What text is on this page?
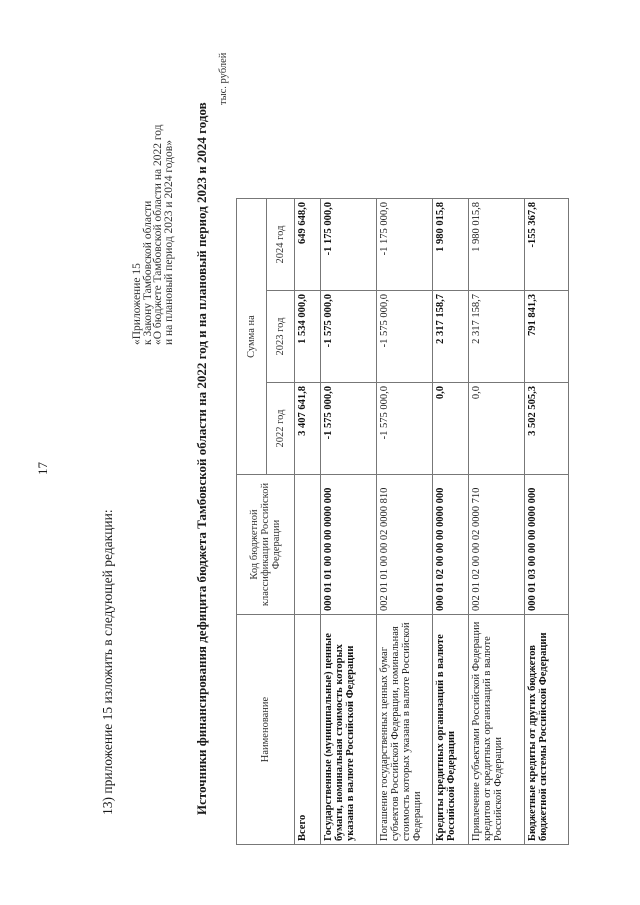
17
13) приложение 15 изложить в следующей редакции:
«Приложение 15
к Закону Тамбовской области
«О бюджете Тамбовской области на 2022 год
и на плановый период 2023 и 2024 годов» Источники финансирования дефицита бюджета Тамбовской области на 2022 год и на плановый период 2023 и 2024 годов
тыс. рублей
Наименование	Код бюджетной классификации Российской Федерации	Сумма на		
		2022 год	2023 год	2024 год
Всего		3 407 641,8	1 534 000,0	649 648,0
Государственные (муниципальные) ценные бумаги, номинальная стоимость которых указана в валюте Российской Федерации	000 01 01 00 00 00 0000 000	-1 575 000,0	-1 575 000,0	-1 175 000,0
Погашение государственных ценных бумаг субъектов Российской Федерации, номинальная стоимость которых указана в валюте Российской Федерации	002 01 01 00 00 02 0000 810	-1 575 000,0	-1 575 000,0	-1 175 000,0
Кредиты кредитных организаций в валюте Российской Федерации	000 01 02 00 00 00 0000 000	0,0	2 317 158,7	1 980 015,8
Привлечение субъектами Российской Федерации кредитов от кредитных организаций в валюте Российской Федерации	002 01 02 00 00 02 0000 710	0,0	2 317 158,7	1 980 015,8
Бюджетные кредиты от других бюджетов бюджетной системы Российской Федерации	000 01 03 00 00 00 0000 000	3 502 505,3	791 841,3	-155 367,8
